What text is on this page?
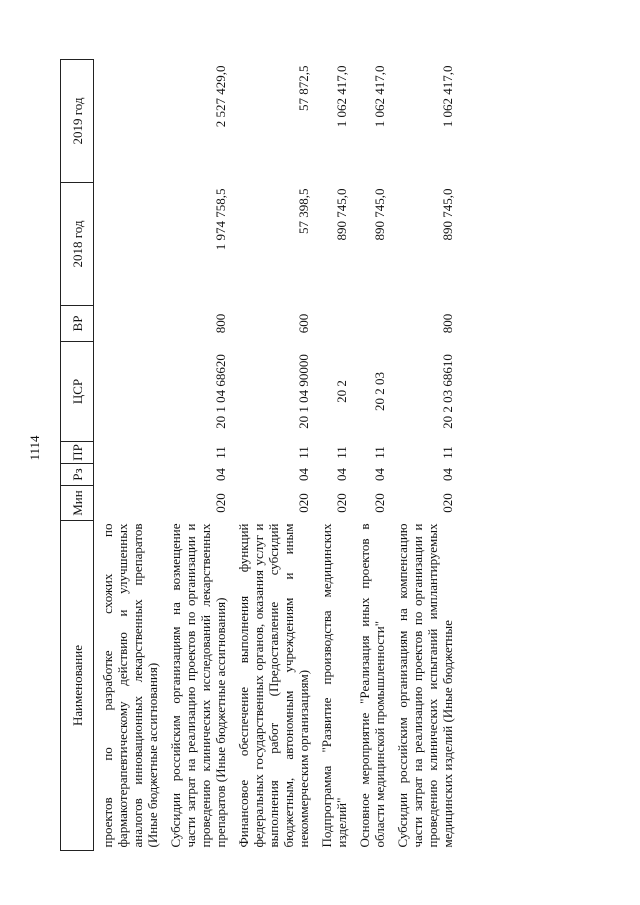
1114
Наименование	Мин	Рз	ПР	ЦСР	ВР	2018 год	2019 год
проектов по разработке схожих по фармакотерапевтическому действию и улучшенных аналогов инновационных лекарственных препаратов (Иные бюджетные ассигнования)							
Субсидии российским организациям на возмещение части затрат на реализацию проектов по организации и проведению клинических исследований лекарственных препаратов (Иные бюджетные ассигнования)	020	04	11	20 1 04 68620	800	1 974 758,5	2 527 429,0
Финансовое обеспечение выполнения функций федеральных государственных органов, оказания услуг и выполнения работ (Предоставление субсидий бюджетным, автономным учреждениям и иным некоммерческим организациям)	020	04	11	20 1 04 90000	600	57 398,5	57 872,5
Подпрограмма "Развитие производства медицинских изделий"	020	04	11	20 2		890 745,0	1 062 417,0
Основное мероприятие "Реализация иных проектов в области медицинской промышленности"	020	04	11	20 2 03		890 745,0	1 062 417,0
Субсидии российским организациям на компенсацию части затрат на реализацию проектов по организации и проведению клинических испытаний имплантируемых медицинских изделий (Иные бюджетные	020	04	11	20 2 03 68610	800	890 745,0	1 062 417,0
